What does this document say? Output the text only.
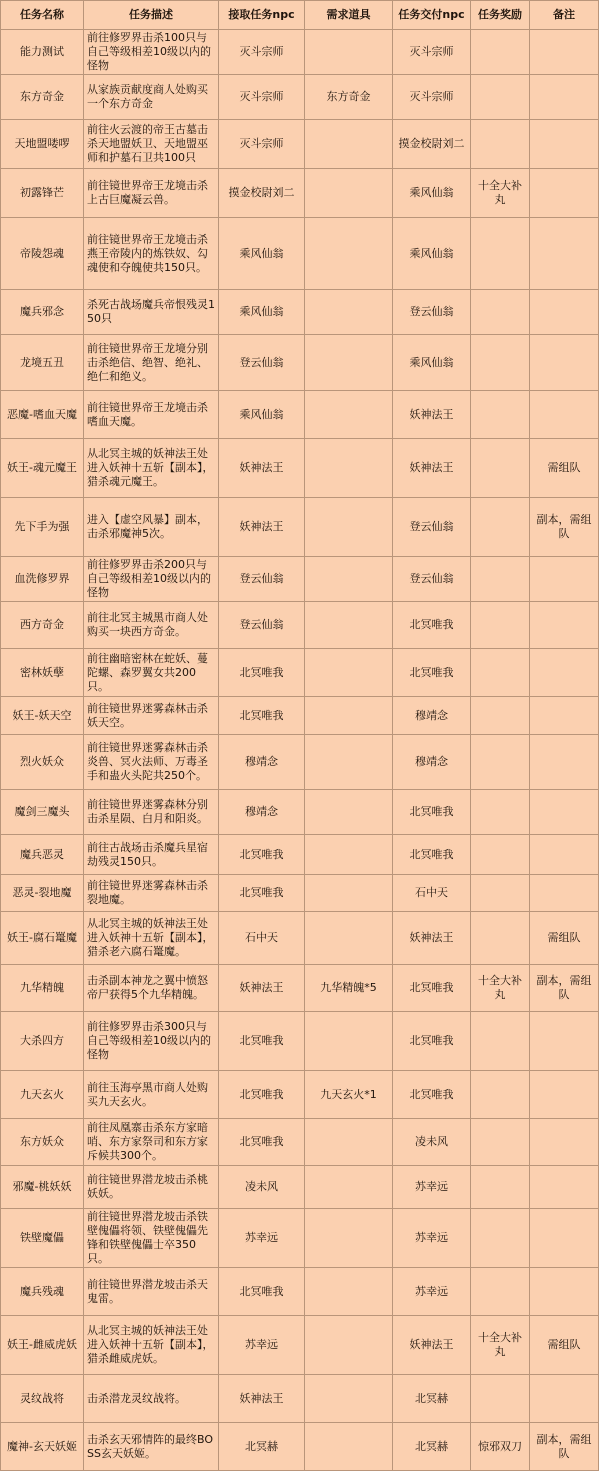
任务名称	任务描述	接取任务npc	需求道具	任务交付npc	任务奖励	备注
能力测试	前往修罗界击杀100只与自己等级相差10级以内的怪物	灭斗宗师		灭斗宗师		
东方奇金	从家族贡献度商人处购买一个东方奇金	灭斗宗师	东方奇金	灭斗宗师		
天地盟喽啰	前往火云渡的帝王古墓击杀天地盟妖卫、天地盟巫师和护墓石卫共100只	灭斗宗师		摸金校尉刘二		
初露锋芒	前往镜世界帝王龙境击杀上古巨魔凝云兽。	摸金校尉刘二		乘风仙翁	十全大补丸	
帝陵怨魂	前往镜世界帝王龙境击杀燕王帝陵内的炼铁奴、勾魂使和夺魄使共150只。	乘风仙翁		乘风仙翁		
魔兵邪念	杀死古战场魔兵帝恨残灵150只	乘风仙翁		登云仙翁		
龙境五丑	前往镜世界帝王龙境分别击杀绝信、绝智、绝礼、绝仁和绝义。	登云仙翁		乘风仙翁		
恶魔-嗜血天魔	前往镜世界帝王龙境击杀嗜血天魔。	乘风仙翁		妖神法王		
妖王-魂元魔王	从北冥主城的妖神法王处进入妖神十五斩【副本】，猎杀魂元魔王。	妖神法王		妖神法王		需组队
先下手为强	进入【虚空风暴】副本，击杀邪魔神5次。	妖神法王		登云仙翁		副本，需组队
血洗修罗界	前往修罗界击杀200只与自己等级相差10级以内的怪物	登云仙翁		登云仙翁		
西方奇金	前往北冥主城黑市商人处购买一块西方奇金。	登云仙翁		北冥唯我		
密林妖孽	前往幽暗密林在蛇妖、蔓陀螺、森罗翼女共200只。	北冥唯我		北冥唯我		
妖王-妖天空	前往镜世界迷雾森林击杀妖天空。	北冥唯我		穆靖念		
烈火妖众	前往镜世界迷雾森林击杀炎兽、冥火法师、万毒圣手和蛊火头陀共250个。	穆靖念		穆靖念		
魔剑三魔头	前往镜世界迷雾森林分别击杀星陨、白月和阳炎。	穆靖念		北冥唯我		
魔兵恶灵	前往古战场击杀魔兵星宿劫残灵150只。	北冥唯我		北冥唯我		
恶灵-裂地魔	前往镜世界迷雾森林击杀裂地魔。	北冥唯我		石中天		
妖王-腐石鼍魔	从北冥主城的妖神法王处进入妖神十五斩【副本】，猎杀老六腐石鼍魔。	石中天		妖神法王		需组队
九华精魄	击杀副本神龙之翼中愤怒帝尸获得5个九华精魄。	妖神法王	九华精魄*5	北冥唯我	十全大补丸	副本，需组队
大杀四方	前往修罗界击杀300只与自己等级相差10级以内的怪物	北冥唯我		北冥唯我		
九天玄火	前往玉海亭黑市商人处购买九天玄火。	北冥唯我	九天玄火*1	北冥唯我		
东方妖众	前往凤凰寨击杀东方家暗哨、东方家祭司和东方家斥候共300个。	北冥唯我		凌未风		
邪魔-桃妖妖	前往镜世界潜龙坡击杀桃妖妖。	凌未风		苏幸远		
铁壁魔儡	前往镜世界潜龙坡击杀铁壁傀儡将领、铁壁傀儡先锋和铁壁傀儡士卒350只。	苏幸远		苏幸远		
魔兵残魂	前往镜世界潜龙坡击杀天鬼雷。	北冥唯我		苏幸远		
妖王-雌威虎妖	从北冥主城的妖神法王处进入妖神十五斩【副本】，猎杀雌威虎妖。	苏幸远		妖神法王	十全大补丸	需组队
灵纹战将	击杀潜龙灵纹战将。	妖神法王		北冥赫		
魔神-玄天妖姬	击杀玄天邪情阵的最终BOSS玄天妖姬。	北冥赫		北冥赫	惊邪双刀	副本，需组队
